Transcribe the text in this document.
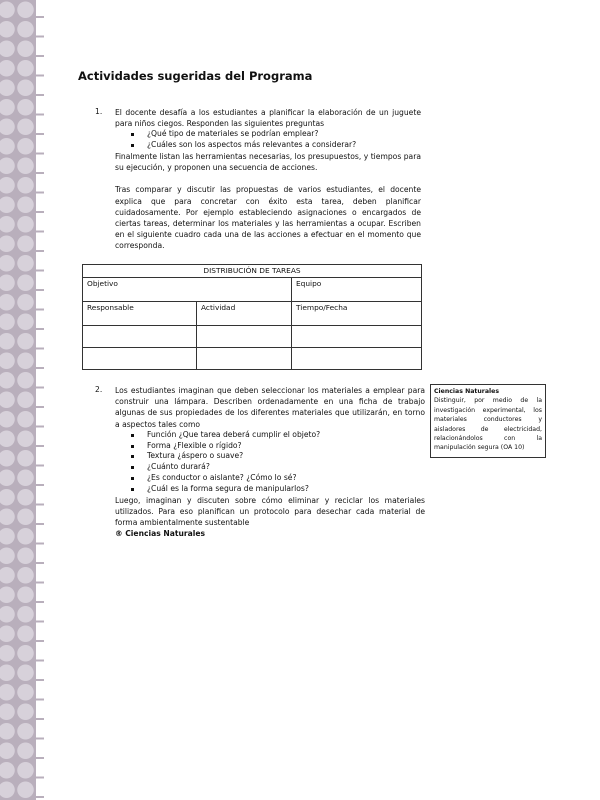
Actividades sugeridas del Programa
1. El docente desafía a los estudiantes a planificar la elaboración de un juguete para niños ciegos. Responden las siguientes preguntas

¿Qué tipo de materiales se podrían emplear?
¿Cuáles son los aspectos más relevantes a considerar?

Finalmente listan las herramientas necesarias, los presupuestos, y tiempos para su ejecución, y proponen una secuencia de acciones.

Tras comparar y discutir las propuestas de varios estudiantes, el docente explica que para concretar con éxito esta tarea, deben planificar cuidadosamente. Por ejemplo estableciendo asignaciones o encargados de ciertas tareas, determinar los materiales y las herramientas a ocupar. Escriben en el siguiente cuadro cada una de las acciones a efectuar en el momento que corresponda.

DISTRIBUCIÓN DE TAREAS		
Objetivo		Equipo
Responsable	Actividad	Tiempo/Fecha

2. Los estudiantes imaginan que deben seleccionar los materiales a emplear para construir una lámpara. Describen ordenadamente en una ficha de trabajo algunas de sus propiedades de los diferentes materiales que utilizarán, en torno a aspectos tales como

Función ¿Que tarea deberá cumplir el objeto?
Forma ¿Flexible o rígido?
Textura ¿áspero o suave?
¿Cuánto durará?
¿Es conductor o aislante? ¿Cómo lo sé?
¿Cuál es la forma segura de manipularlos?

Luego, imaginan y discuten sobre cómo eliminar y reciclar los materiales utilizados. Para eso planifican un protocolo para desechar cada material de forma ambientalmente sustentable

® Ciencias Naturales

Ciencias Naturales
Distinguir, por medio de la investigación experimental, los materiales conductores y aisladores de electricidad, relacionándolos con la manipulación segura (OA 10)
